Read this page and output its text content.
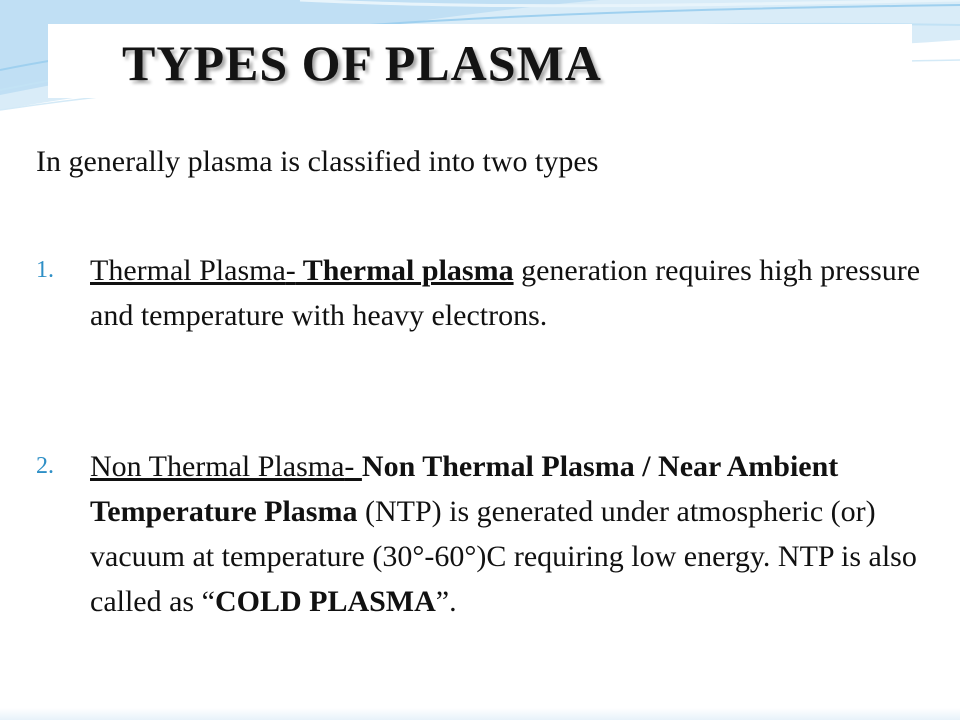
TYPES OF PLASMA
In generally plasma is classified into two types
1. Thermal Plasma- Thermal plasma generation requires high pressure and temperature with heavy electrons.
2. Non Thermal Plasma- Non Thermal Plasma / Near Ambient Temperature Plasma (NTP) is generated under atmospheric (or) vacuum at temperature (30°-60°)C requiring low energy. NTP is also called as “COLD PLASMA”.
